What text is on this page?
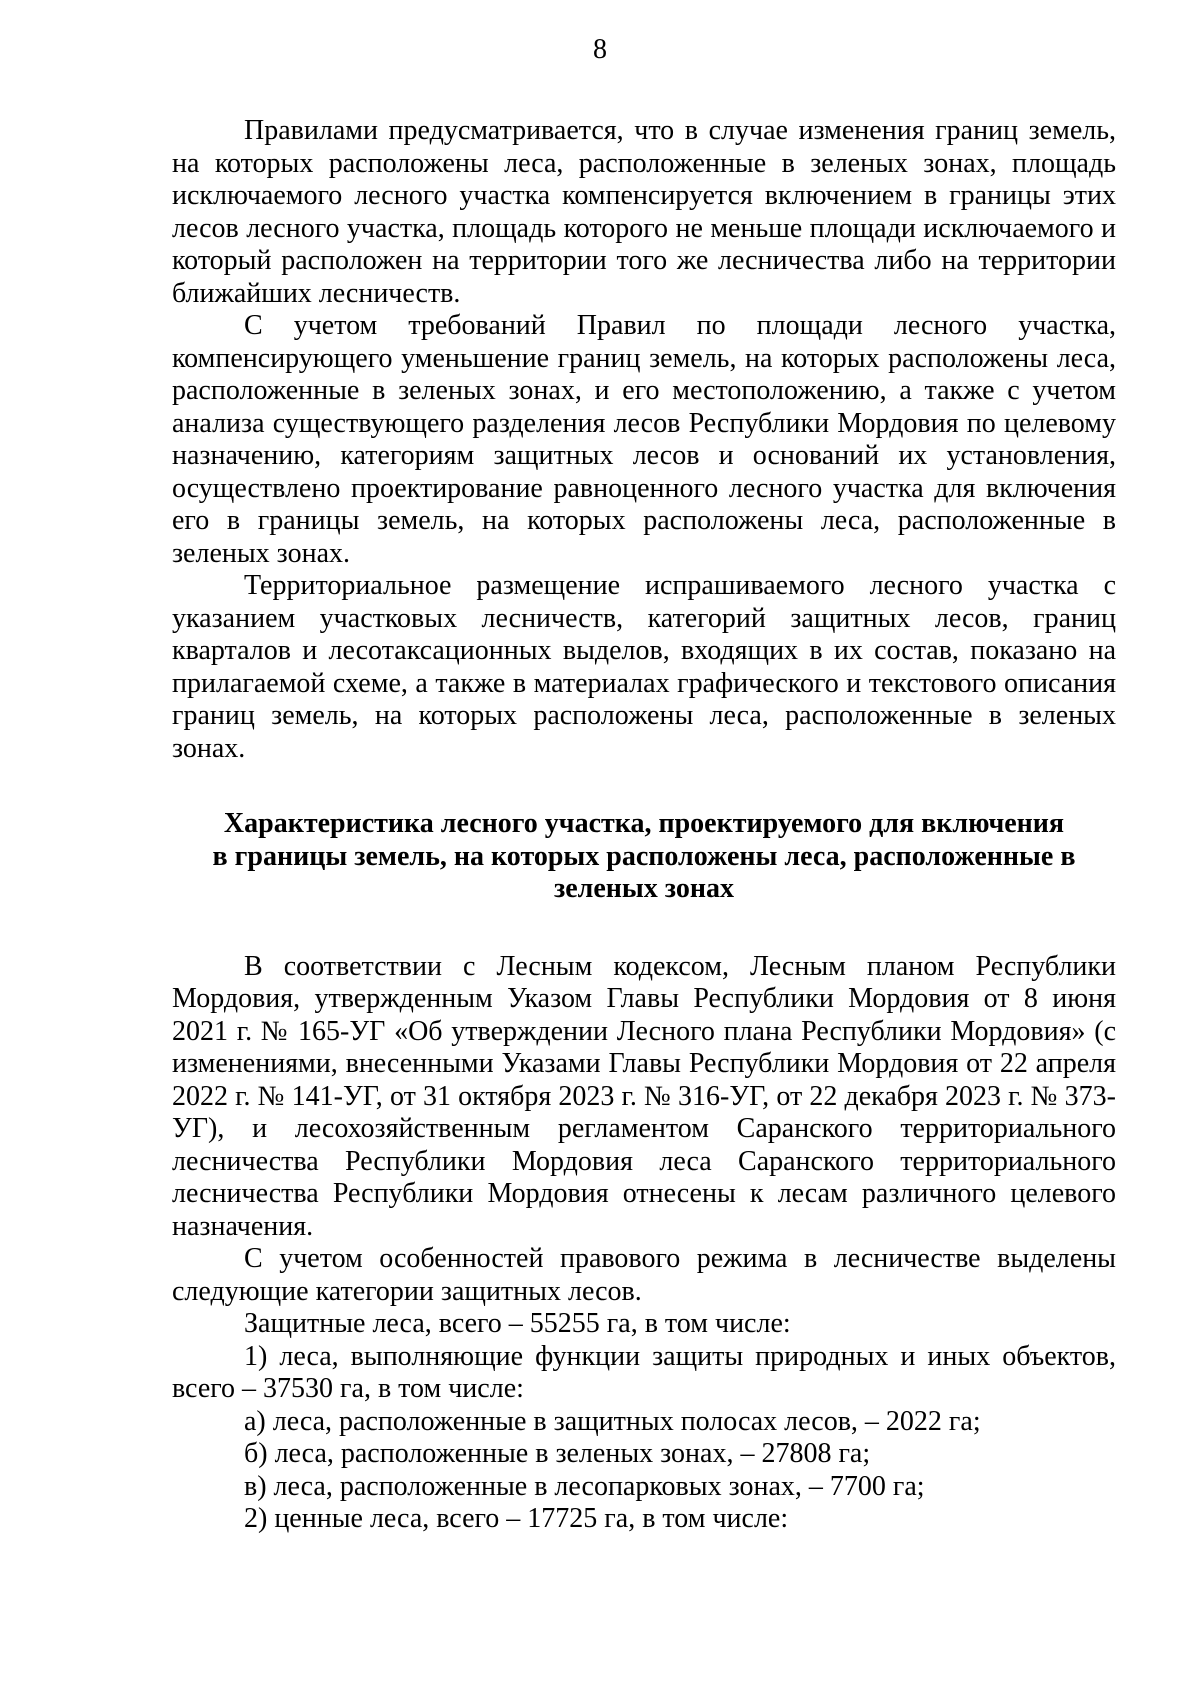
8

Правилами предусматривается, что в случае изменения границ земель, на которых расположены леса, расположенные в зеленых зонах, площадь исключаемого лесного участка компенсируется включением в границы этих лесов лесного участка, площадь которого не меньше площади исключаемого и который расположен на территории того же лесничества либо на территории ближайших лесничеств.

С учетом требований Правил по площади лесного участка, компенсирующего уменьшение границ земель, на которых расположены леса, расположенные в зеленых зонах, и его местоположению, а также с учетом анализа существующего разделения лесов Республики Мордовия по целевому назначению, категориям защитных лесов и оснований их установления, осуществлено проектирование равноценного лесного участка для включения его в границы земель, на которых расположены леса, расположенные в зеленых зонах.

Территориальное размещение испрашиваемого лесного участка с указанием участковых лесничеств, категорий защитных лесов, границ кварталов и лесотаксационных выделов, входящих в их состав, показано на прилагаемой схеме, а также в материалах графического и текстового описания границ земель, на которых расположены леса, расположенные в зеленых зонах.

Характеристика лесного участка, проектируемого для включения
в границы земель, на которых расположены леса, расположенные в
зеленых зонах

В соответствии с Лесным кодексом, Лесным планом Республики Мордовия, утвержденным Указом Главы Республики Мордовия от 8 июня 2021 г. № 165-УГ «Об утверждении Лесного плана Республики Мордовия» (с изменениями, внесенными Указами Главы Республики Мордовия от 22 апреля 2022 г. № 141-УГ, от 31 октября 2023 г. № 316-УГ, от 22 декабря 2023 г. № 373-УГ), и лесохозяйственным регламентом Саранского территориального лесничества Республики Мордовия леса Саранского территориального лесничества Республики Мордовия отнесены к лесам различного целевого назначения.

С учетом особенностей правового режима в лесничестве выделены следующие категории защитных лесов.

Защитные леса, всего – 55255 га, в том числе:

1) леса, выполняющие функции защиты природных и иных объектов, всего – 37530 га, в том числе:

а) леса, расположенные в защитных полосах лесов, – 2022 га;

б) леса, расположенные в зеленых зонах, – 27808 га;

в) леса, расположенные в лесопарковых зонах, – 7700 га;

2) ценные леса, всего – 17725 га, в том числе:
